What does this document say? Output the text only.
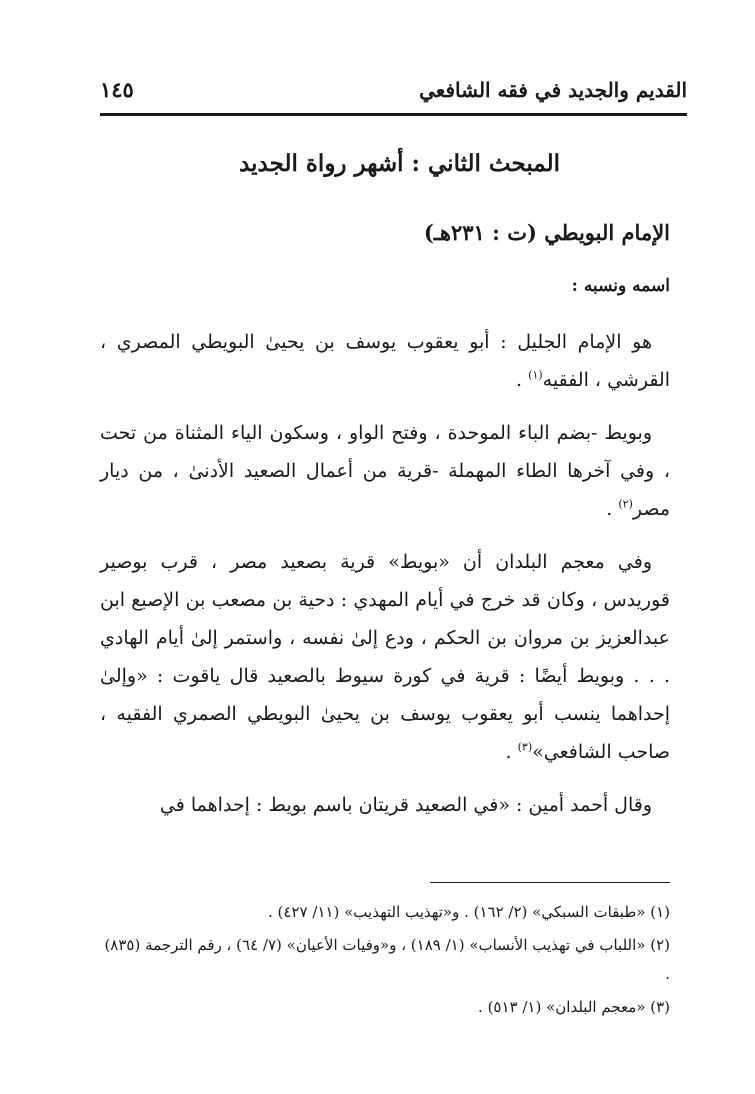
القديم والجديد في فقه الشافعي
١٤٥
المبحث الثاني : أشهر رواة الجديد
الإمام البويطي (ت : ٢٣١هـ)
اسمه ونسبه :

هو الإمام الجليل : أبو يعقوب يوسف بن يحيىٰ البويطي المصري ، القرشي ، الفقيه$^{(١)}$ .

وبويط -بضم الباء الموحدة ، وفتح الواو ، وسكون الياء المثناة من تحت ، وفي آخرها الطاء المهملة -قرية من أعمال الصعيد الأدنىٰ ، من ديار مصر$^{(٢)}$ .

وفي معجم البلدان أن «بويط» قرية بصعيد مصر ، قرب بوصير قوريدس ، وكان قد خرج في أيام المهدي : دحية بن مصعب بن الإصبع ابن عبدالعزيز بن مروان بن الحكم ، ودع إلىٰ نفسه ، واستمر إلىٰ أيام الهادي . . . وبويط أيضًا : قرية في كورة سيوط بالصعيد قال ياقوت : «وإلىٰ إحداهما ينسب أبو يعقوب يوسف بن يحيىٰ البويطي الصمري الفقيه ، صاحب الشافعي»$^{(٣)}$ .

وقال أحمد أمين : «في الصعيد قريتان باسم بويط : إحداهما في

(١) «طبقات السبكي» (٢/ ١٦٢) . و«تهذيب التهذيب» (١١/ ٤٢٧) .

(٢) «اللباب في تهذيب الأنساب» (١/ ١٨٩) ، و«وفيات الأعيان» (٧/ ٦٤) ، رقم الترجمة (٨٣٥) .

(٣) «معجم البلدان» (١/ ٥١٣) .
